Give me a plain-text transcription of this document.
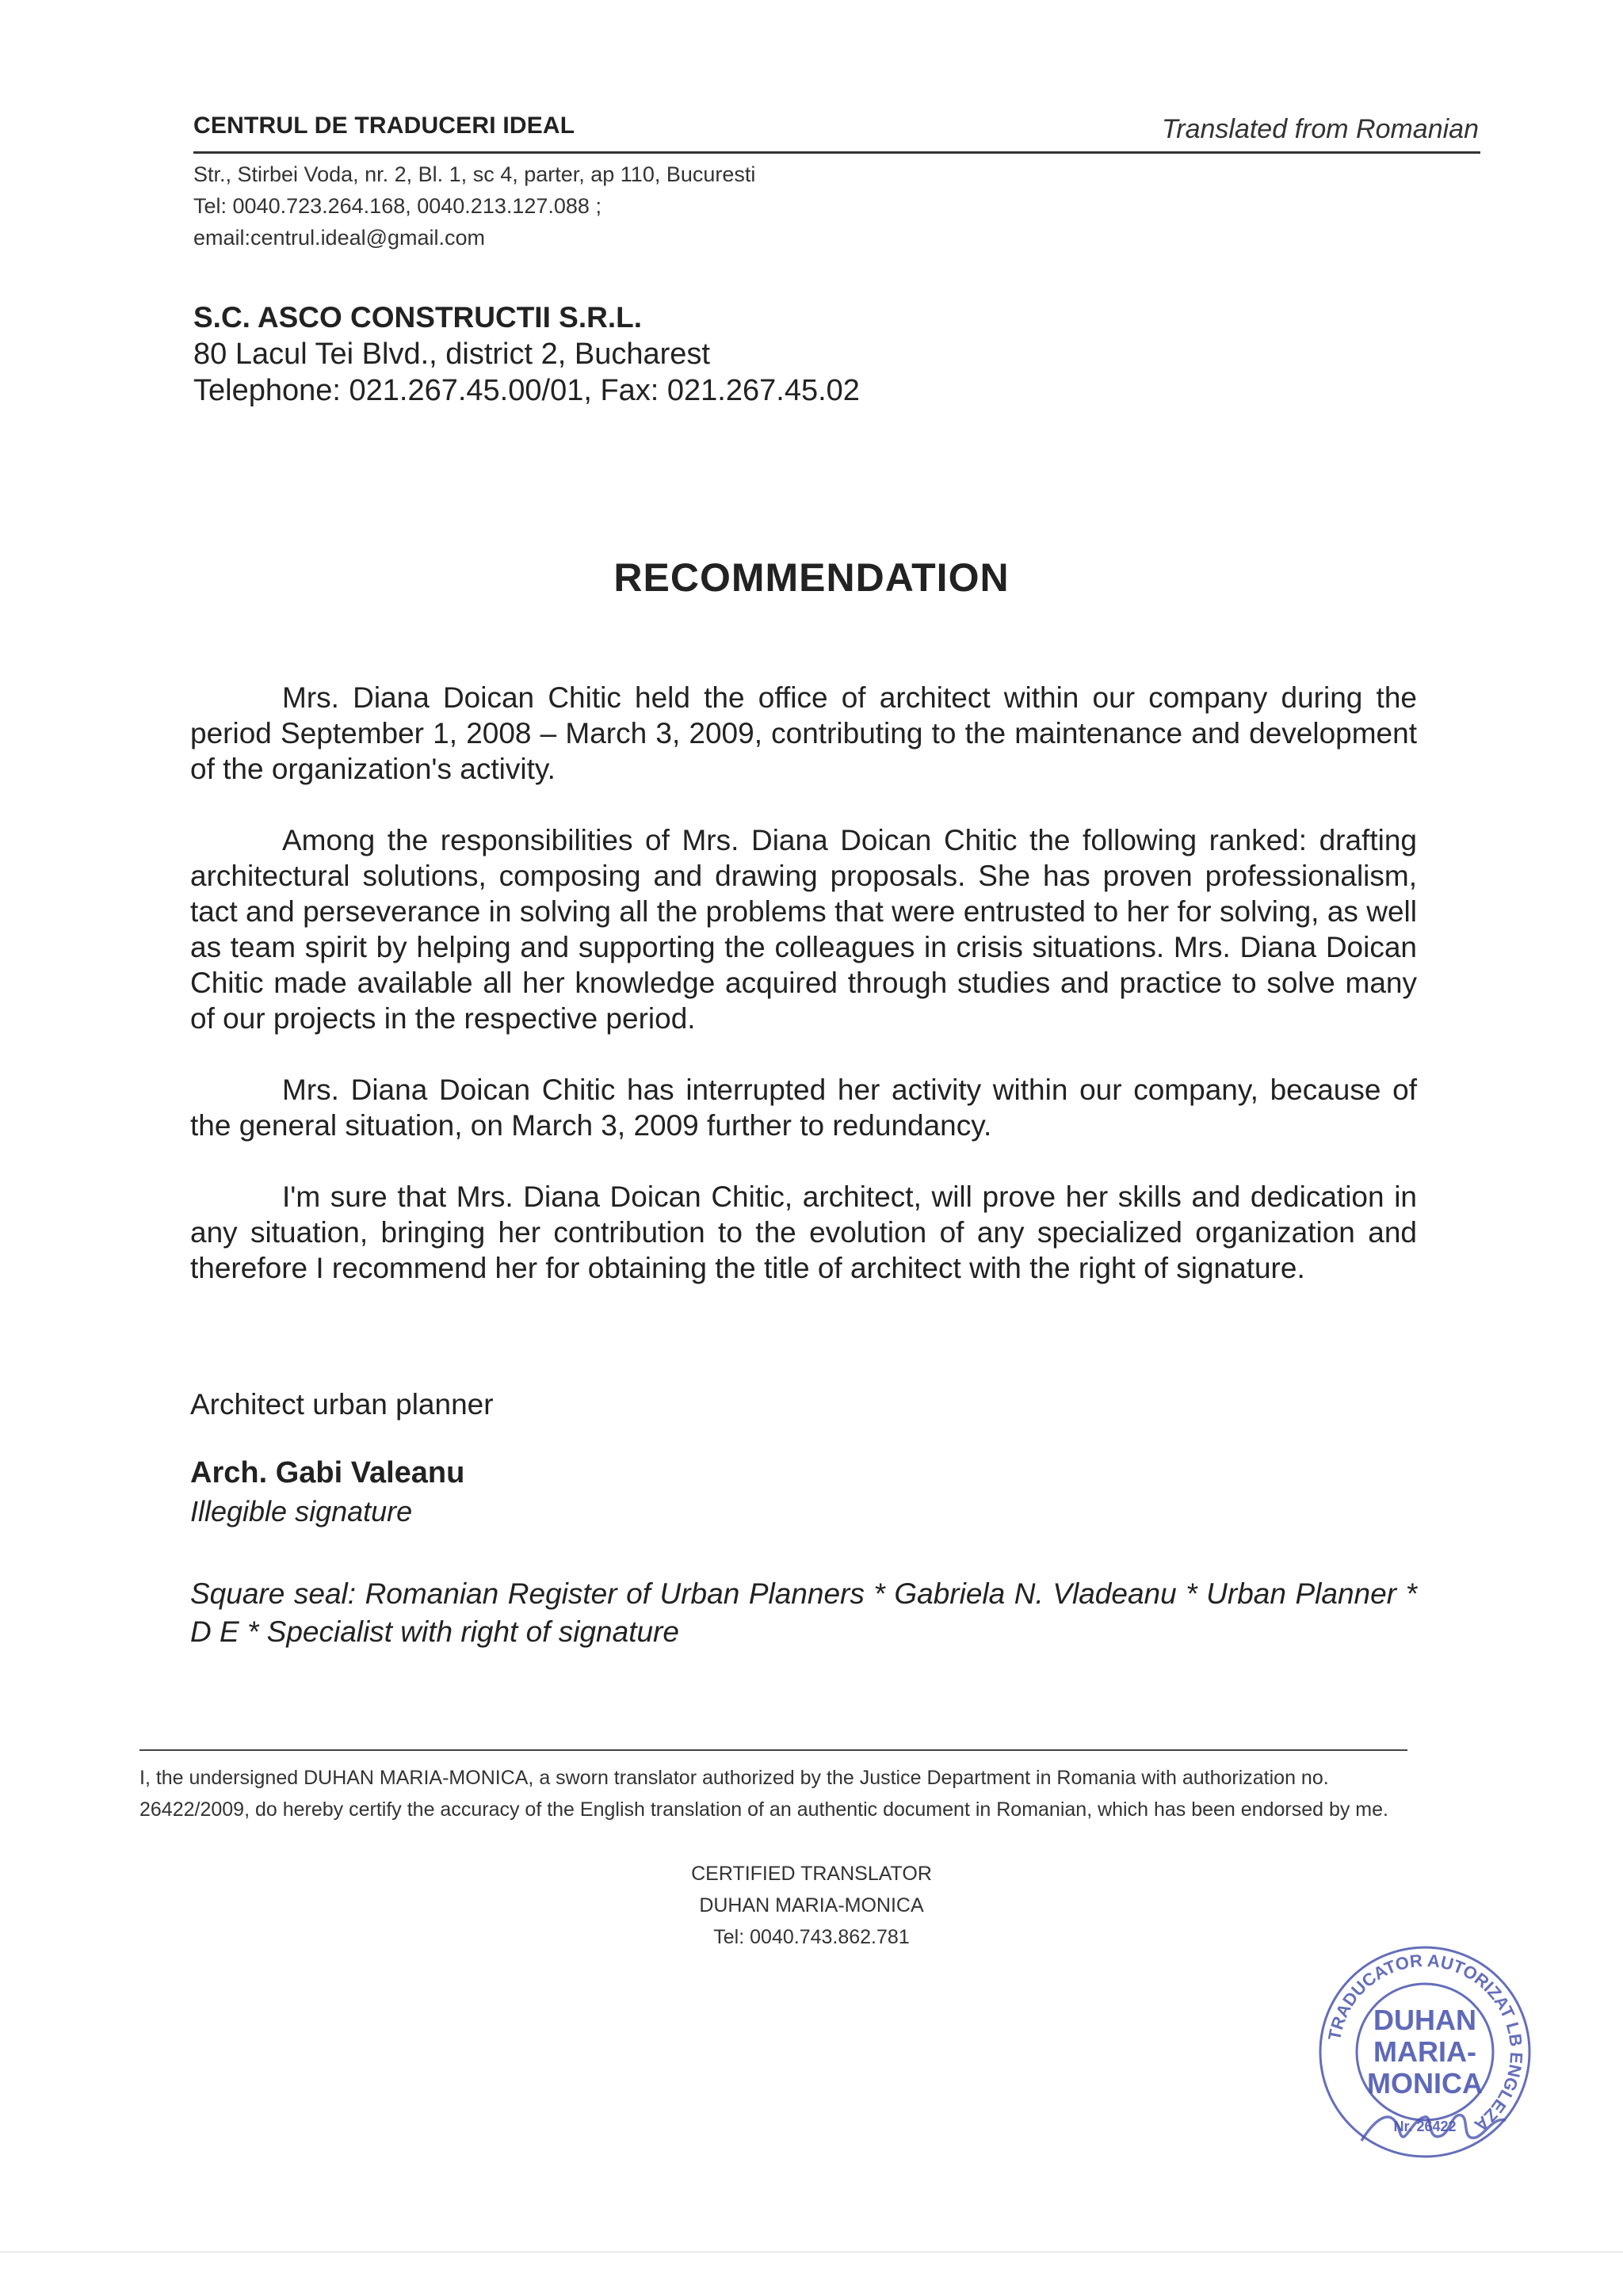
CENTRUL DE TRADUCERI IDEAL	Translated from Romanian
Str., Stirbei Voda, nr. 2, Bl. 1, sc 4, parter, ap 110, Bucuresti
Tel: 0040.723.264.168, 0040.213.127.088 ;
email:centrul.ideal@gmail.com
S.C. ASCO CONSTRUCTII S.R.L.
80 Lacul Tei Blvd., district 2, Bucharest
Telephone: 021.267.45.00/01, Fax: 021.267.45.02
RECOMMENDATION

Mrs. Diana Doican Chitic held the office of architect within our company during the period September 1, 2008 – March 3, 2009, contributing to the maintenance and development of the organization's activity.

Among the responsibilities of Mrs. Diana Doican Chitic the following ranked: drafting architectural solutions, composing and drawing proposals. She has proven professionalism, tact and perseverance in solving all the problems that were entrusted to her for solving, as well as team spirit by helping and supporting the colleagues in crisis situations. Mrs. Diana Doican Chitic made available all her knowledge acquired through studies and practice to solve many of our projects in the respective period.

Mrs. Diana Doican Chitic has interrupted her activity within our company, because of the general situation, on March 3, 2009 further to redundancy.

I'm sure that Mrs. Diana Doican Chitic, architect, will prove her skills and dedication in any situation, bringing her contribution to the evolution of any specialized organization and therefore I recommend her for obtaining the title of architect with the right of signature.

Architect urban planner
Arch. Gabi Valeanu
Illegible signature
Square seal: Romanian Register of Urban Planners * Gabriela N. Vladeanu * Urban Planner * D E * Specialist with right of signature
I, the undersigned DUHAN MARIA-MONICA, a sworn translator authorized by the Justice Department in Romania with authorization no. 26422/2009, do hereby certify the accuracy of the English translation of an authentic document in Romanian, which has been endorsed by me.
CERTIFIED TRANSLATOR
DUHAN MARIA-MONICA
Tel: 0040.743.862.781
TRADUCATOR AUTORIZAT LB ENGLEZA
DUHAN
MARIA-
MONICA
Nr. 26422
